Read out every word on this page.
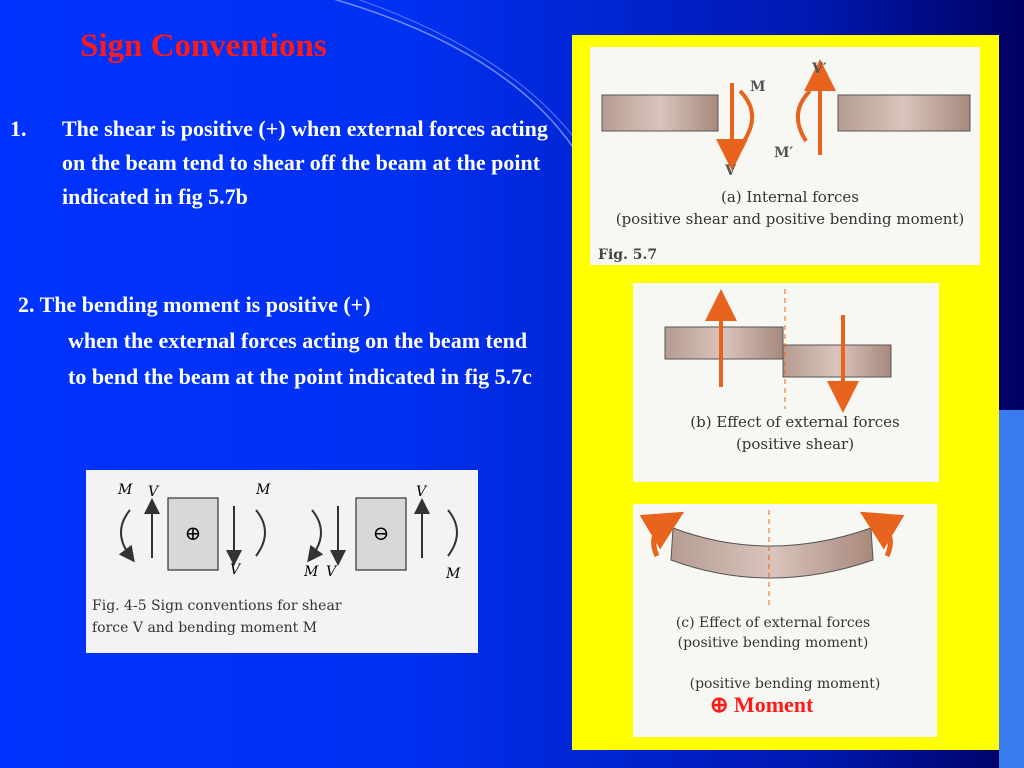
Sign Conventions
1. The shear is positive (+) when external forces acting on the beam tend to shear off the beam at the point indicated in fig 5.7b
2. The bending moment is positive (+)
when the external forces acting on the beam tend to bend the beam at the point indicated in fig 5.7c
⊕
M V	M
V
⊖
M V
V
M
Fig. 4-5 Sign conventions for shear
force V and bending moment M
M
V
M′
V′
(a) Internal forces
(positive shear and positive bending moment)
Fig. 5.7
(b) Effect of external forces
(positive shear)
(c) Effect of external forces
(positive bending moment)
(positive bending moment)
⊕ Moment
